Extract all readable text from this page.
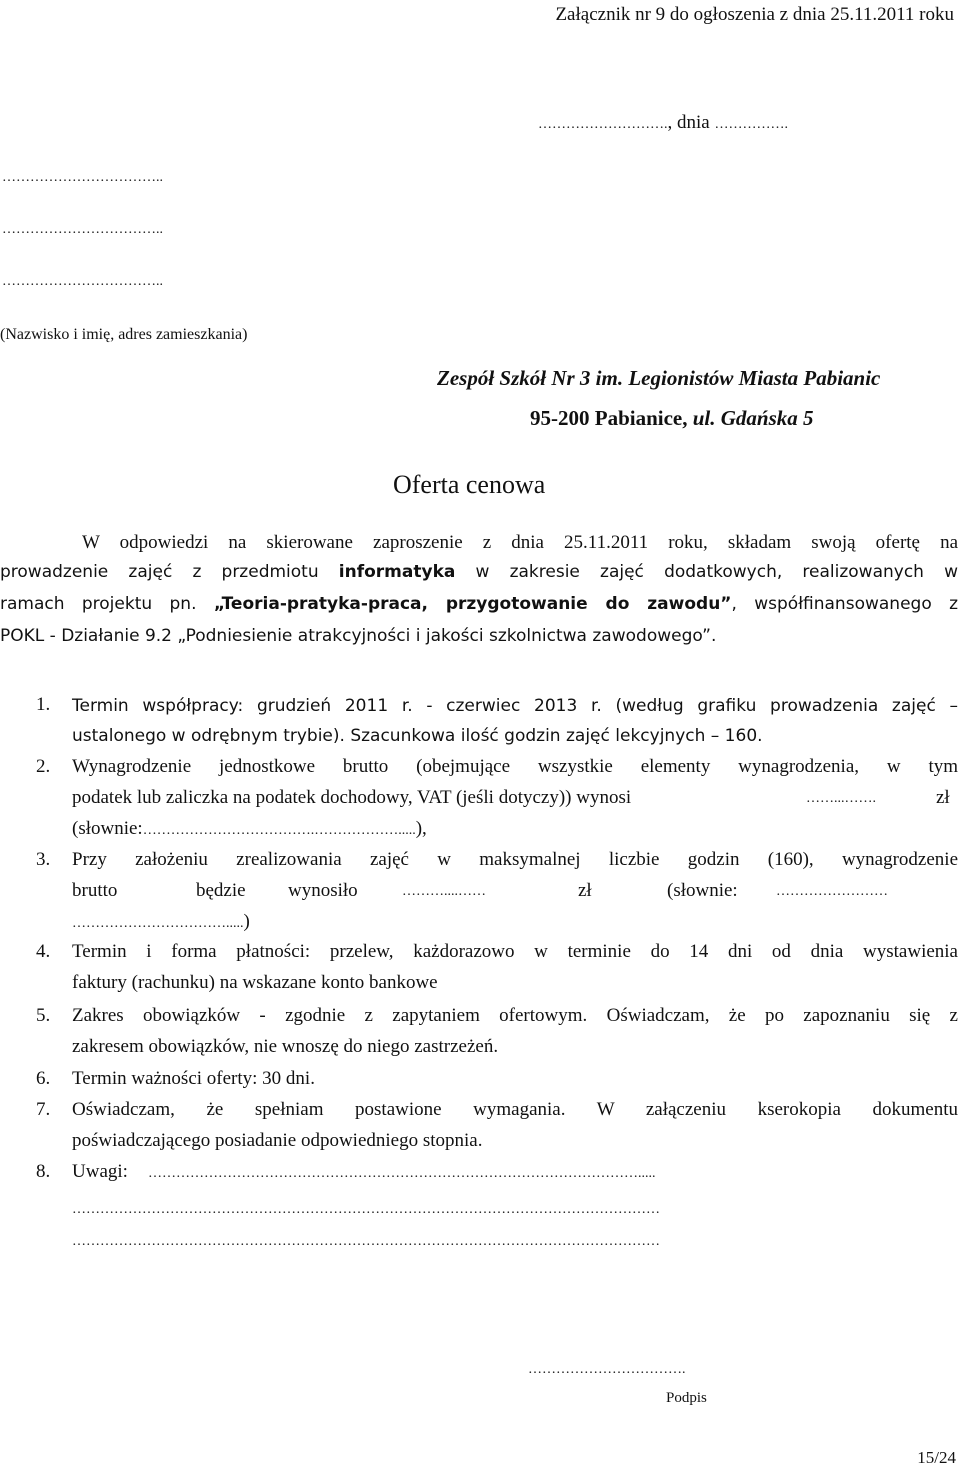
Załącznik nr 9 do ogłoszenia z dnia 25.11.2011 roku
………………………., dnia …………….
……………………………..
……………………………..
……………………………..
(Nazwisko i imię, adres zamieszkania)
Zespół Szkół Nr 3 im. Legionistów Miasta Pabianic
95-200 Pabianice, ul. Gdańska 5
Oferta cenowa
W odpowiedzi na skierowane zaproszenie z dnia 25.11.2011 roku, składam swoją ofertę na
prowadzenie zajęć z przedmiotu informatyka w zakresie zajęć dodatkowych, realizowanych w
ramach projektu pn. „Teoria-pratyka-praca, przygotowanie do zawodu”, współfinansowanego z
POKL - Działanie 9.2 „Podniesienie atrakcyjności i jakości szkolnictwa zawodowego”.
1. Termin współpracy: grudzień 2011 r. - czerwiec 2013 r. (według grafiku prowadzenia zajęć –
ustalonego w odrębnym trybie). Szacunkowa ilość godzin zajęć lekcyjnych – 160.
2. Wynagrodzenie jednostkowe brutto (obejmujące wszystkie elementy wynagrodzenia, w tym
podatek lub zaliczka na podatek dochodowy, VAT (jeśli dotyczy)) wynosi	……...…….	zł
(słownie:……………………………….……………….....),
3. Przy założeniu zrealizowania zajęć w maksymalnej liczbie godzin (160), wynagrodzenie
brutto	będzie wynosiło	………....……	zł	(słownie:	……………………
…………………………….....)
4. Termin i forma płatności: przelew, każdorazowo w terminie do 14 dni od dnia wystawienia
faktury (rachunku) na wskazane konto bankowe
5. Zakres obowiązków - zgodnie z zapytaniem ofertowym. Oświadczam, że po zapoznaniu się z
zakresem obowiązków, nie wnoszę do niego zastrzeżeń.
6. Termin ważności oferty: 30 dni.
7. Oświadczam, że spełniam postawione wymagania. W załączeniu kserokopia dokumentu
poświadczającego posiadanie odpowiedniego stopnia.
8. Uwagi: …………………………………………………………………………………………….....
………………………………………………………………………………………………………………
………………………………………………………………………………………………………………
…………………………….
Podpis
15/24
